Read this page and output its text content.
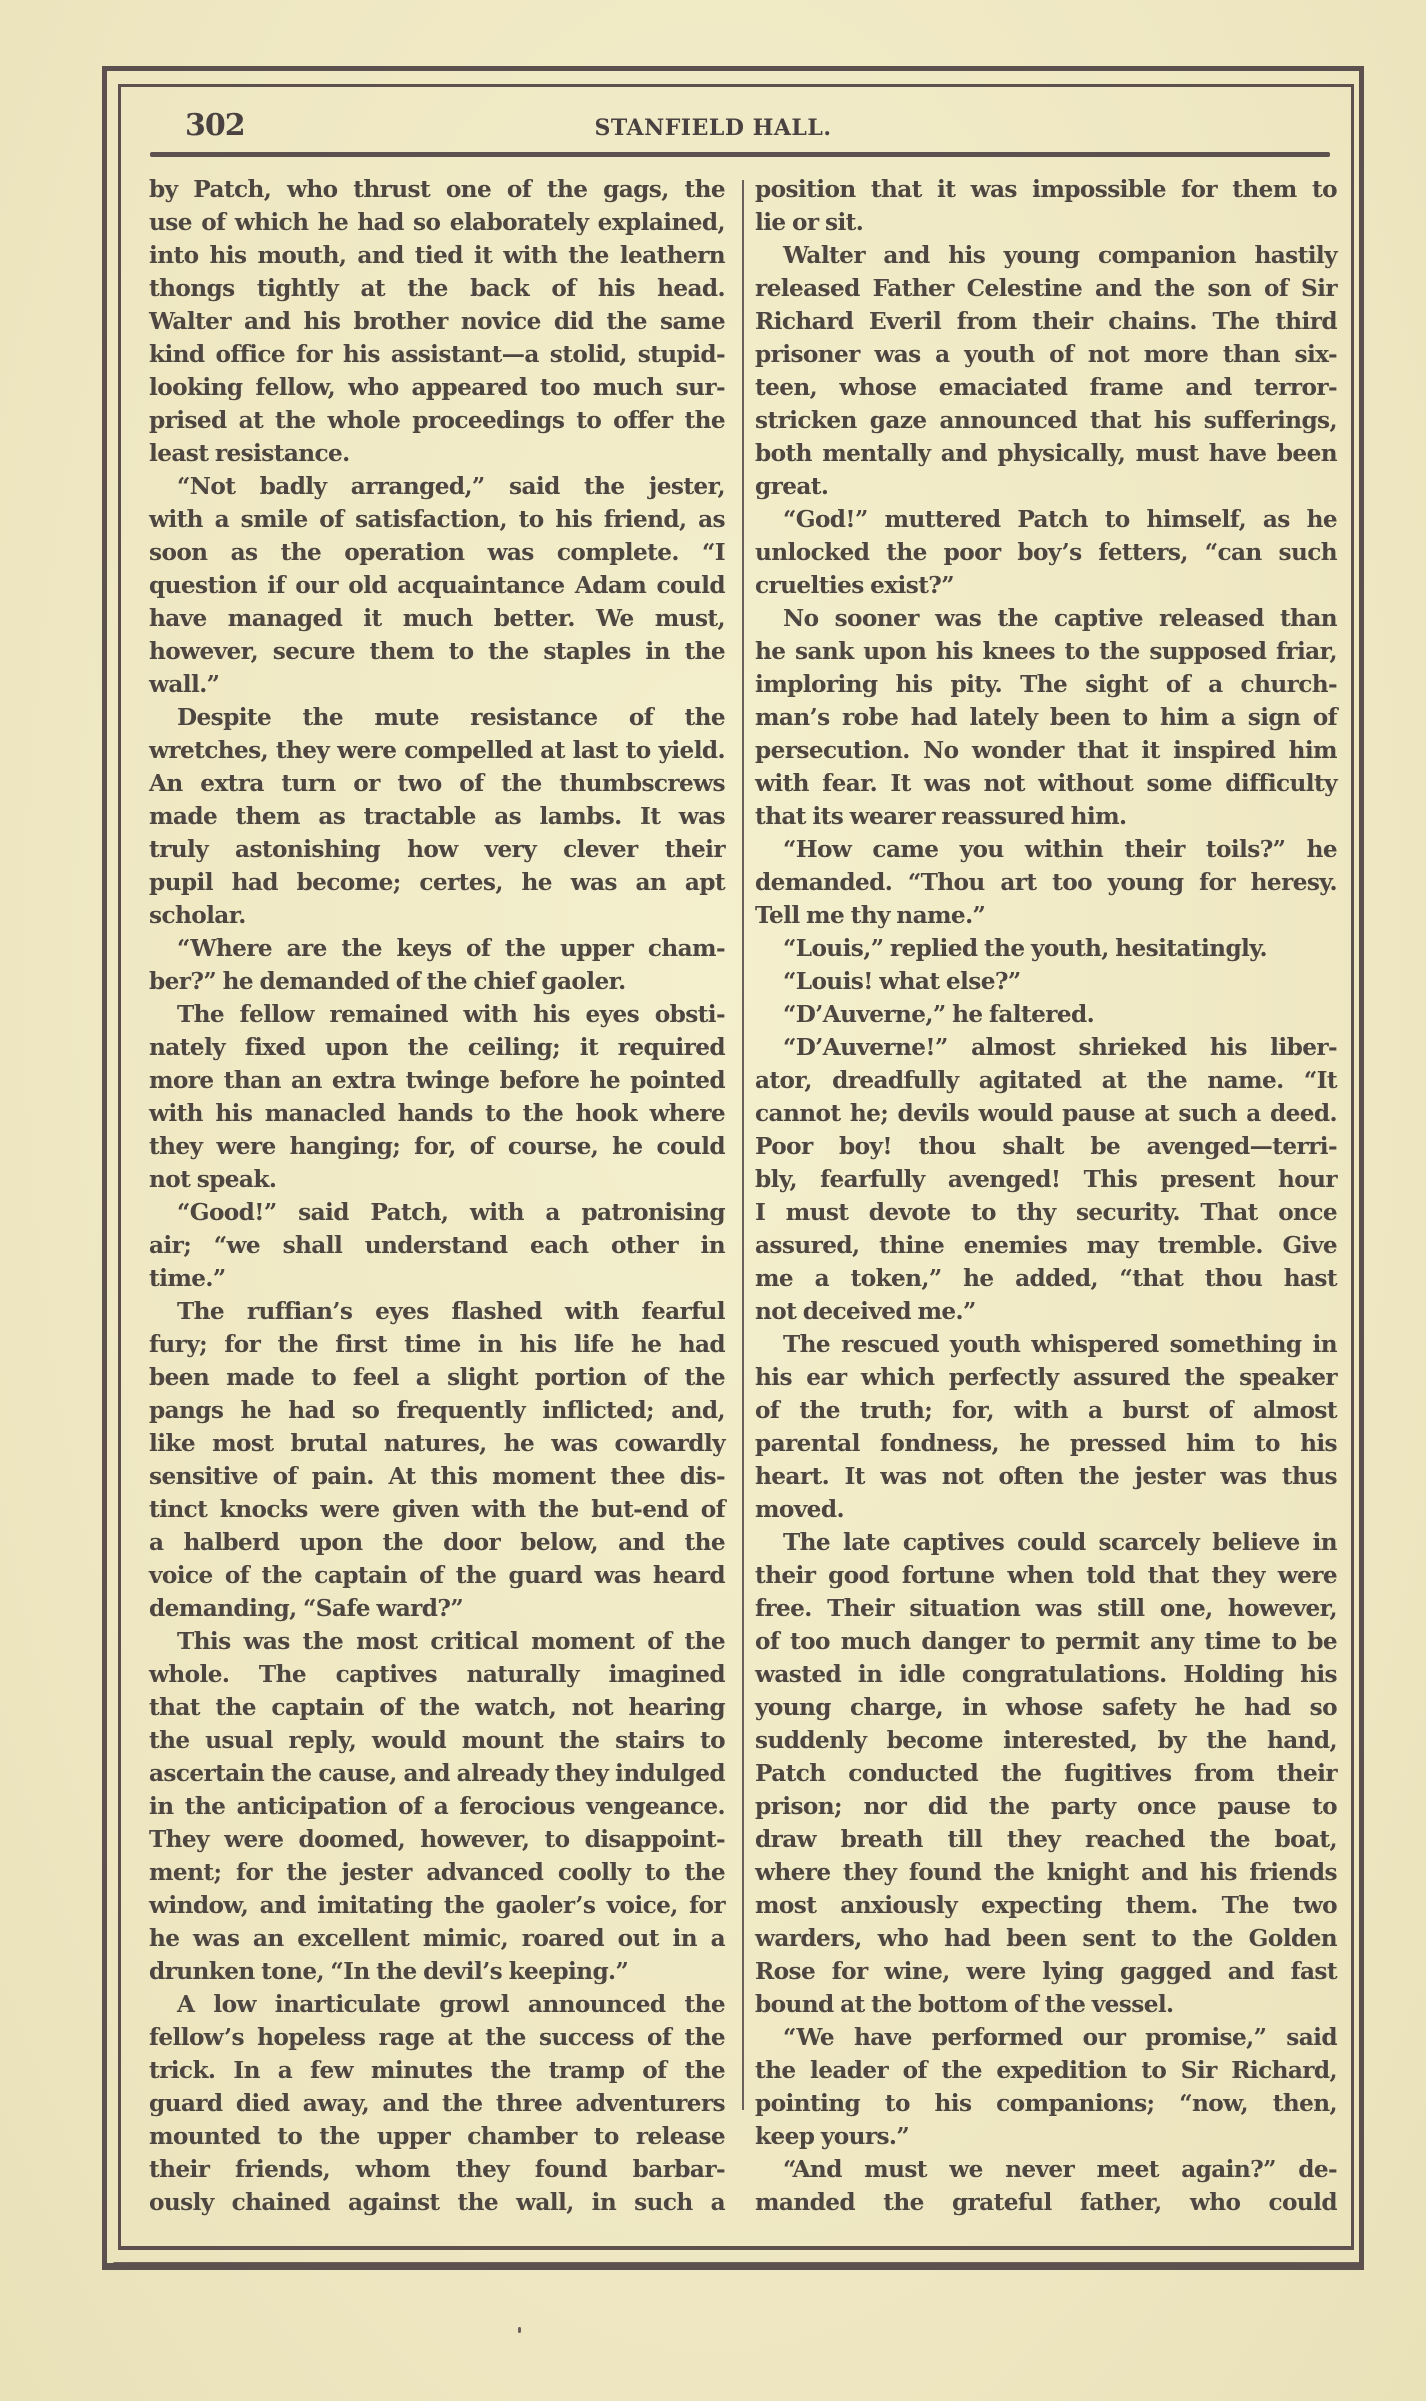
302	STANFIELD HALL.
by Patch, who thrust one of the gags, the
use of which he had so elaborately explained,
into his mouth, and tied it with the leathern
thongs tightly at the back of his head.
Walter and his brother novice did the same
kind office for his assistant—a stolid, stupid-
looking fellow, who appeared too much sur-
prised at the whole proceedings to offer the
least resistance.
“Not badly arranged,” said the jester,
with a smile of satisfaction, to his friend, as
soon as the operation was complete. “I
question if our old acquaintance Adam could
have managed it much better. We must,
however, secure them to the staples in the
wall.”
Despite the mute resistance of the
wretches, they were compelled at last to yield.
An extra turn or two of the thumbscrews
made them as tractable as lambs. It was
truly astonishing how very clever their
pupil had become; certes, he was an apt
scholar.
“Where are the keys of the upper cham-
ber?” he demanded of the chief gaoler.
The fellow remained with his eyes obsti-
nately fixed upon the ceiling; it required
more than an extra twinge before he pointed
with his manacled hands to the hook where
they were hanging; for, of course, he could
not speak.
“Good!” said Patch, with a patronising
air; “we shall understand each other in
time.”
The ruffian’s eyes flashed with fearful
fury; for the first time in his life he had
been made to feel a slight portion of the
pangs he had so frequently inflicted; and,
like most brutal natures, he was cowardly
sensitive of pain. At this moment thee dis-
tinct knocks were given with the but-end of
a halberd upon the door below, and the
voice of the captain of the guard was heard
demanding, “Safe ward?”
This was the most critical moment of the
whole. The captives naturally imagined
that the captain of the watch, not hearing
the usual reply, would mount the stairs to
ascertain the cause, and already they indulged
in the anticipation of a ferocious vengeance.
They were doomed, however, to disappoint-
ment; for the jester advanced coolly to the
window, and imitating the gaoler’s voice, for
he was an excellent mimic, roared out in a
drunken tone, “In the devil’s keeping.”
A low inarticulate growl announced the
fellow’s hopeless rage at the success of the
trick. In a few minutes the tramp of the
guard died away, and the three adventurers
mounted to the upper chamber to release
their friends, whom they found barbar-
ously chained against the wall, in such a
position that it was impossible for them to
lie or sit.
Walter and his young companion hastily
released Father Celestine and the son of Sir
Richard Everil from their chains. The third
prisoner was a youth of not more than six-
teen, whose emaciated frame and terror-
stricken gaze announced that his sufferings,
both mentally and physically, must have been
great.
“God!” muttered Patch to himself, as he
unlocked the poor boy’s fetters, “can such
cruelties exist?”
No sooner was the captive released than
he sank upon his knees to the supposed friar,
imploring his pity. The sight of a church-
man’s robe had lately been to him a sign of
persecution. No wonder that it inspired him
with fear. It was not without some difficulty
that its wearer reassured him.
“How came you within their toils?” he
demanded. “Thou art too young for heresy.
Tell me thy name.”
“Louis,” replied the youth, hesitatingly.
“Louis! what else?”
“D’Auverne,” he faltered.
“D’Auverne!” almost shrieked his liber-
ator, dreadfully agitated at the name. “It
cannot he; devils would pause at such a deed.
Poor boy! thou shalt be avenged—terri-
bly, fearfully avenged! This present hour
I must devote to thy security. That once
assured, thine enemies may tremble. Give
me a token,” he added, “that thou hast
not deceived me.”
The rescued youth whispered something in
his ear which perfectly assured the speaker
of the truth; for, with a burst of almost
parental fondness, he pressed him to his
heart. It was not often the jester was thus
moved.
The late captives could scarcely believe in
their good fortune when told that they were
free. Their situation was still one, however,
of too much danger to permit any time to be
wasted in idle congratulations. Holding his
young charge, in whose safety he had so
suddenly become interested, by the hand,
Patch conducted the fugitives from their
prison; nor did the party once pause to
draw breath till they reached the boat,
where they found the knight and his friends
most anxiously expecting them. The two
warders, who had been sent to the Golden
Rose for wine, were lying gagged and fast
bound at the bottom of the vessel.
“We have performed our promise,” said
the leader of the expedition to Sir Richard,
pointing to his companions; “now, then,
keep yours.”
“And must we never meet again?” de-
manded the grateful father, who could
